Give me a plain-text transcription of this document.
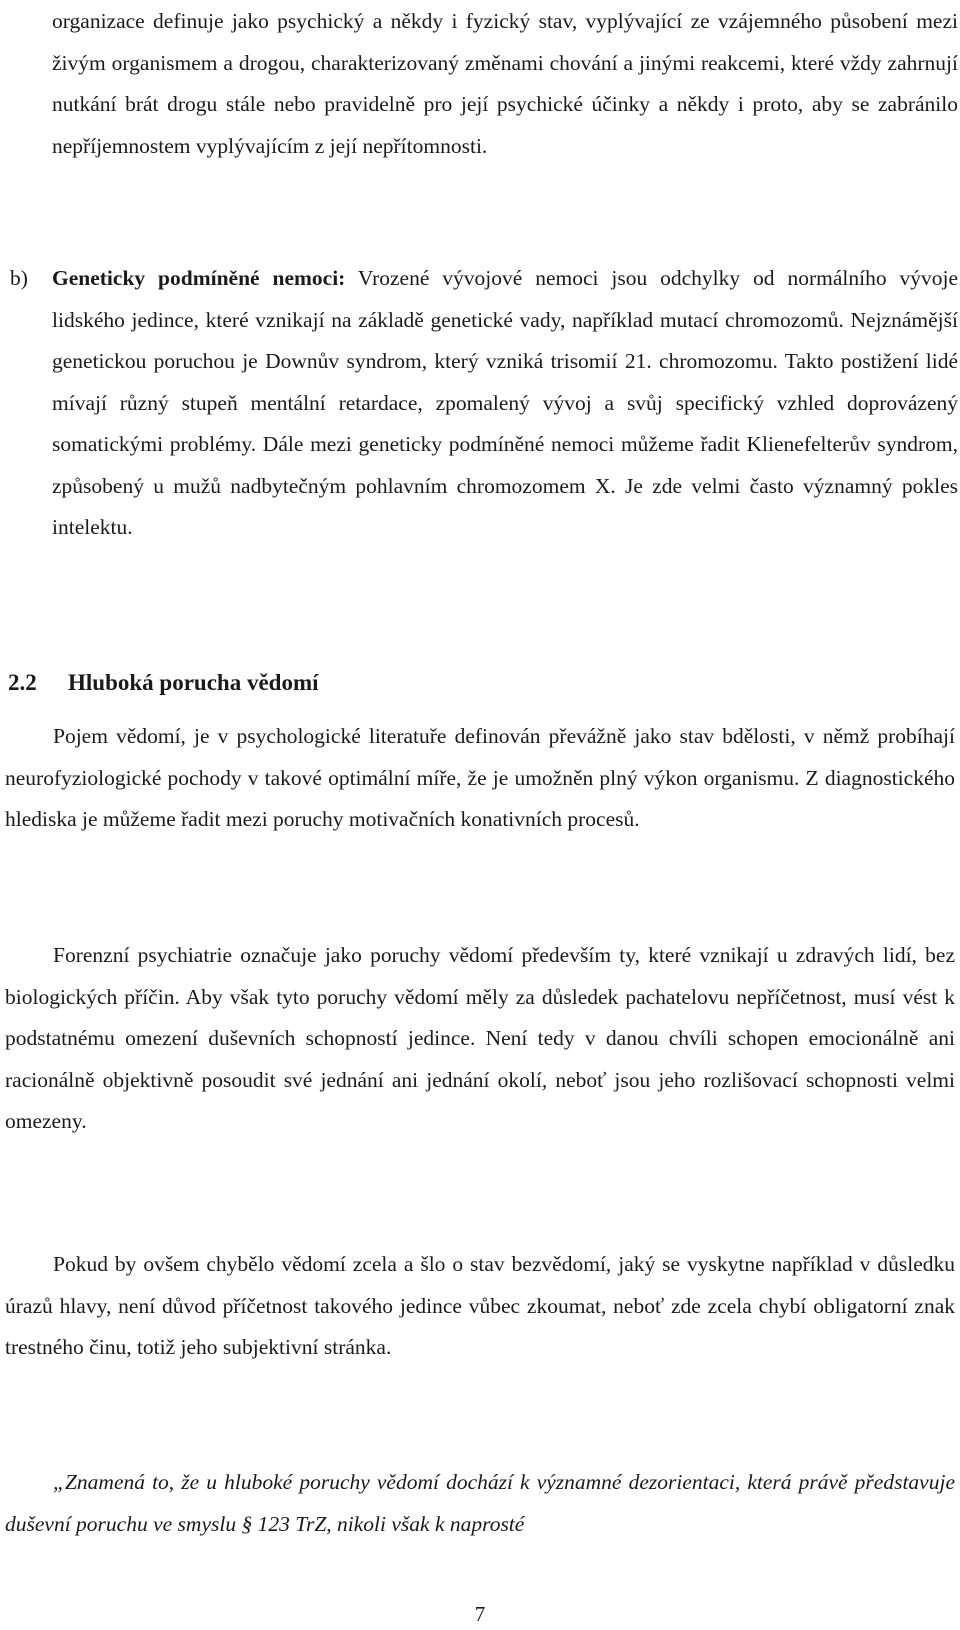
organizace definuje jako psychický a někdy i fyzický stav, vyplývající ze vzájemného působení mezi živým organismem a drogou, charakterizovaný změnami chování a jinými reakcemi, které vždy zahrnují nutkání brát drogu stále nebo pravidelně pro její psychické účinky a někdy i proto, aby se zabránilo nepříjemnostem vyplývajícím z její nepřítomnosti.

b) Geneticky podmíněné nemoci: Vrozené vývojové nemoci jsou odchylky od normálního vývoje lidského jedince, které vznikají na základě genetické vady, například mutací chromozomů. Nejznámější genetickou poruchou je Downův syndrom, který vzniká trisomií 21. chromozomu. Takto postižení lidé mívají různý stupeň mentální retardace, zpomalený vývoj a svůj specifický vzhled doprovázený somatickými problémy. Dále mezi geneticky podmíněné nemoci můžeme řadit Klienefelterův syndrom, způsobený u mužů nadbytečným pohlavním chromozomem X. Je zde velmi často významný pokles intelektu.

2.2 Hluboká porucha vědomí

Pojem vědomí, je v psychologické literatuře definován převážně jako stav bdělosti, v němž probíhají neurofyziologické pochody v takové optimální míře, že je umožněn plný výkon organismu. Z diagnostického hlediska je můžeme řadit mezi poruchy motivačních konativních procesů.

Forenzní psychiatrie označuje jako poruchy vědomí především ty, které vznikají u zdravých lidí, bez biologických příčin. Aby však tyto poruchy vědomí měly za důsledek pachatelovu nepříčetnost, musí vést k podstatnému omezení duševních schopností jedince. Není tedy v danou chvíli schopen emocionálně ani racionálně objektivně posoudit své jednání ani jednání okolí, neboť jsou jeho rozlišovací schopnosti velmi omezeny.

Pokud by ovšem chybělo vědomí zcela a šlo o stav bezvědomí, jaký se vyskytne například v důsledku úrazů hlavy, není důvod příčetnost takového jedince vůbec zkoumat, neboť zde zcela chybí obligatorní znak trestného činu, totiž jeho subjektivní stránka.

„Znamená to, že u hluboké poruchy vědomí dochází k významné dezorientaci, která právě představuje duševní poruchu ve smyslu § 123 TrZ, nikoli však k naprosté

7
